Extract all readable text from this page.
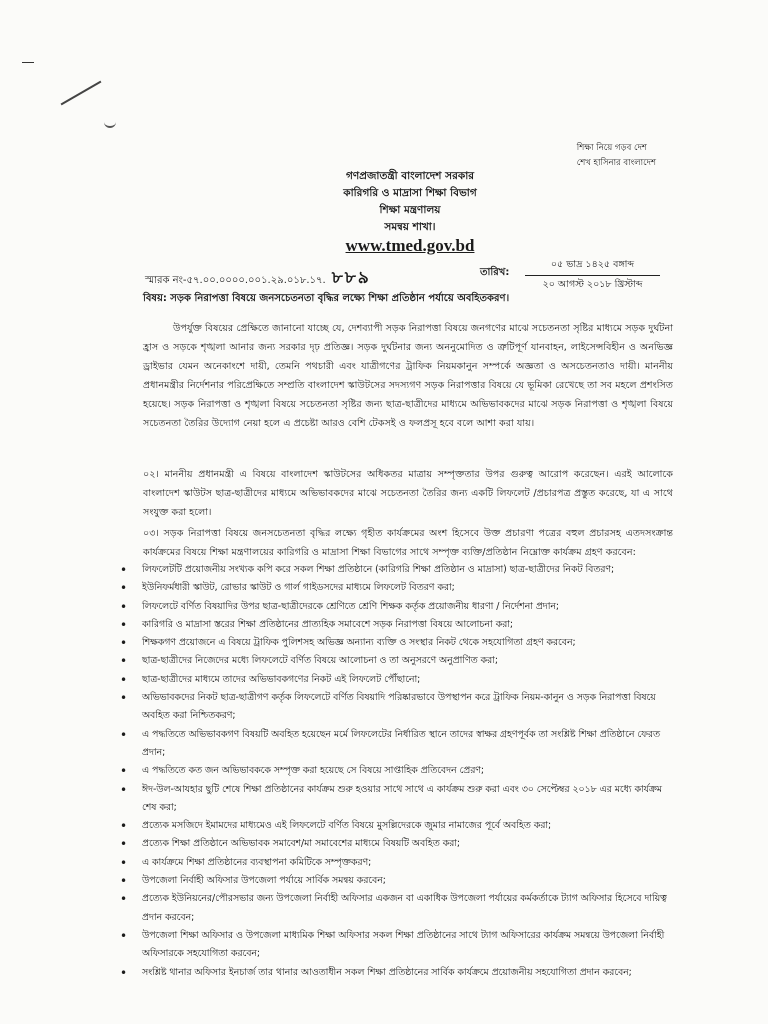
শিক্ষা নিয়ে গড়ব দেশ
শেখ হাসিনার বাংলাদেশ
গণপ্রজাতন্ত্রী বাংলাদেশ সরকার
কারিগরি ও মাদ্রাসা শিক্ষা বিভাগ
শিক্ষা মন্ত্রণালয়
সমন্বয় শাখা।
www.tmed.gov.bd
স্মারক নং-৫৭.০০.০০০০.০০১.২৯.০১৮.১৭. ৮৮৯	তারিখ:
০৫ ভাদ্র ১৪২৫ বঙ্গাব্দ
২০ আগস্ট ২০১৮ খ্রিস্টাব্দ
বিষয়: সড়ক নিরাপত্তা বিষয়ে জনসচেতনতা বৃদ্ধির লক্ষ্যে শিক্ষা প্রতিষ্ঠান পর্যায়ে অবহিতকরণ।
উপর্যুক্ত বিষয়ের প্রেক্ষিতে জানানো যাচ্ছে যে, দেশব্যাপী সড়ক নিরাপত্তা বিষয়ে জনগণের মাঝে সচেতনতা সৃষ্টির মাধ্যমে সড়ক দুর্ঘটনা হ্রাস ও সড়কে শৃঙ্খলা আনার জন্য সরকার দৃঢ় প্রতিজ্ঞ। সড়ক দুর্ঘটনার জন্য অননুমোদিত ও ত্রুটিপূর্ণ যানবাহন, লাইসেন্সবিহীন ও অনভিজ্ঞ ড্রাইভার যেমন অনেকাংশে দায়ী, তেমনি পথচারী এবং যাত্রীগণের ট্রাফিক নিয়মকানুন সম্পর্কে অজ্ঞতা ও অসচেতনতাও দায়ী। মাননীয় প্রধানমন্ত্রীর নির্দেশনার পরিপ্রেক্ষিতে সম্প্রতি বাংলাদেশ স্কাউটসের সদস্যগণ সড়ক নিরাপত্তার বিষয়ে যে ভূমিকা রেখেছে তা সব মহলে প্রশংসিত হয়েছে। সড়ক নিরাপত্তা ও শৃঙ্খলা বিষয়ে সচেতনতা সৃষ্টির জন্য ছাত্র-ছাত্রীদের মাধ্যমে অভিভাবকদের মাঝে সড়ক নিরাপত্তা ও শৃঙ্খলা বিষয়ে সচেতনতা তৈরির উদ্যোগ নেয়া হলে এ প্রচেষ্টা আরও বেশি টেকসই ও ফলপ্রসূ হবে বলে আশা করা যায়।
০২। মাননীয় প্রধানমন্ত্রী এ বিষয়ে বাংলাদেশ স্কাউটসের অধিকতর মাত্রায় সম্পৃক্ততার উপর গুরুত্ব আরোপ করেছেন। এরই আলোকে বাংলাদেশ স্কাউটস ছাত্র-ছাত্রীদের মাধ্যমে অভিভাবকদের মাঝে সচেতনতা তৈরির জন্য একটি লিফলেট /প্রচারপত্র প্রস্তুত করেছে, যা এ সাথে সংযুক্ত করা হলো।
০৩। সড়ক নিরাপত্তা বিষয়ে জনসচেতনতা বৃদ্ধির লক্ষ্যে গৃহীত কার্যক্রমের অংশ হিসেবে উক্ত প্রচারণা পত্রের বহুল প্রচারসহ এতদসংক্রান্ত কার্যক্রমের বিষয়ে শিক্ষা মন্ত্রণালয়ের কারিগরি ও মাদ্রাসা শিক্ষা বিভাগের সাথে সম্পৃক্ত ব্যক্তি/প্রতিষ্ঠান নিম্নোক্ত কার্যক্রম গ্রহণ করবেন:
• লিফলেটটি প্রয়োজনীয় সংখ্যক কপি করে সকল শিক্ষা প্রতিষ্ঠানে (কারিগরি শিক্ষা প্রতিষ্ঠান ও মাদ্রাসা) ছাত্র-ছাত্রীদের নিকট বিতরণ;
• ইউনিফর্মধারী স্কাউট, রোভার স্কাউট ও গার্ল গাইডসদের মাধ্যমে লিফলেট বিতরণ করা;
• লিফলেটে বর্ণিত বিষয়াদির উপর ছাত্র-ছাত্রীদেরকে শ্রেণিতে শ্রেণি শিক্ষক কর্তৃক প্রয়োজনীয় ধারণা / নির্দেশনা প্রদান;
• কারিগরি ও মাদ্রাসা স্তরের শিক্ষা প্রতিষ্ঠানের প্রাত্যহিক সমাবেশে সড়ক নিরাপত্তা বিষয়ে আলোচনা করা;
• শিক্ষকগণ প্রয়োজনে এ বিষয়ে ট্রাফিক পুলিশসহ অভিজ্ঞ অন্যান্য ব্যক্তি ও সংস্থার নিকট থেকে সহযোগিতা গ্রহণ করবেন;
• ছাত্র-ছাত্রীদের নিজেদের মধ্যে লিফলেটে বর্ণিত বিষয়ে আলোচনা ও তা অনুসরণে অনুপ্রাণিত করা;
• ছাত্র-ছাত্রীদের মাধ্যমে তাদের অভিভাবকগণের নিকট এই লিফলেট পৌঁছানো;
• অভিভাবকদের নিকট ছাত্র-ছাত্রীগণ কর্তৃক লিফলেটে বর্ণিত বিষয়াদি পরিষ্কারভাবে উপস্থাপন করে ট্রাফিক নিয়ম-কানুন ও সড়ক নিরাপত্তা বিষয়ে অবহিত করা নিশ্চিতকরণ;
• এ পদ্ধতিতে অভিভাবকগণ বিষয়টি অবহিত হয়েছেন মর্মে লিফলেটের নির্ধারিত স্থানে তাদের স্বাক্ষর গ্রহণপূর্বক তা সংশ্লিষ্ট শিক্ষা প্রতিষ্ঠানে ফেরত প্রদান;
• এ পদ্ধতিতে কত জন অভিভাবককে সম্পৃক্ত করা হয়েছে সে বিষয়ে সাপ্তাহিক প্রতিবেদন প্রেরণ;
• ঈদ-উল-আযহার ছুটি শেষে শিক্ষা প্রতিষ্ঠানের কার্যক্রম শুরু হওয়ার সাথে সাথে এ কার্যক্রম শুরু করা এবং ৩০ সেপ্টেম্বর ২০১৮ এর মধ্যে কার্যক্রম শেষ করা;
• প্রত্যেক মসজিদে ইমামদের মাধ্যমেও এই লিফলেটে বর্ণিত বিষয়ে মুসল্লিদেরকে জুমার নামাজের পূর্বে অবহিত করা;
• প্রত্যেক শিক্ষা প্রতিষ্ঠানে অভিভাবক সমাবেশ/মা সমাবেশের মাধ্যমে বিষয়টি অবহিত করা;
• এ কার্যক্রমে শিক্ষা প্রতিষ্ঠানের ব্যবস্থাপনা কমিটিকে সম্পৃক্তকরণ;
• উপজেলা নির্বাহী অফিসার উপজেলা পর্যায়ে সার্বিক সমন্বয় করবেন;
• প্রত্যেক ইউনিয়নের/পৌরসভার জন্য উপজেলা নির্বাহী অফিসার একজন বা একাধিক উপজেলা পর্যায়ের কর্মকর্তাকে ট্যাগ অফিসার হিসেবে দায়িত্ব প্রদান করবেন;
• উপজেলা শিক্ষা অফিসার ও উপজেলা মাধ্যমিক শিক্ষা অফিসার সকল শিক্ষা প্রতিষ্ঠানের সাথে ট্যাগ অফিসারের কার্যক্রম সমন্বয়ে উপজেলা নির্বাহী অফিসারকে সহযোগিতা করবেন;
• সংশ্লিষ্ট থানার অফিসার ইনচার্জ তার থানার আওতাধীন সকল শিক্ষা প্রতিষ্ঠানের সার্বিক কার্যক্রমে প্রয়োজনীয় সহযোগিতা প্রদান করবেন;
